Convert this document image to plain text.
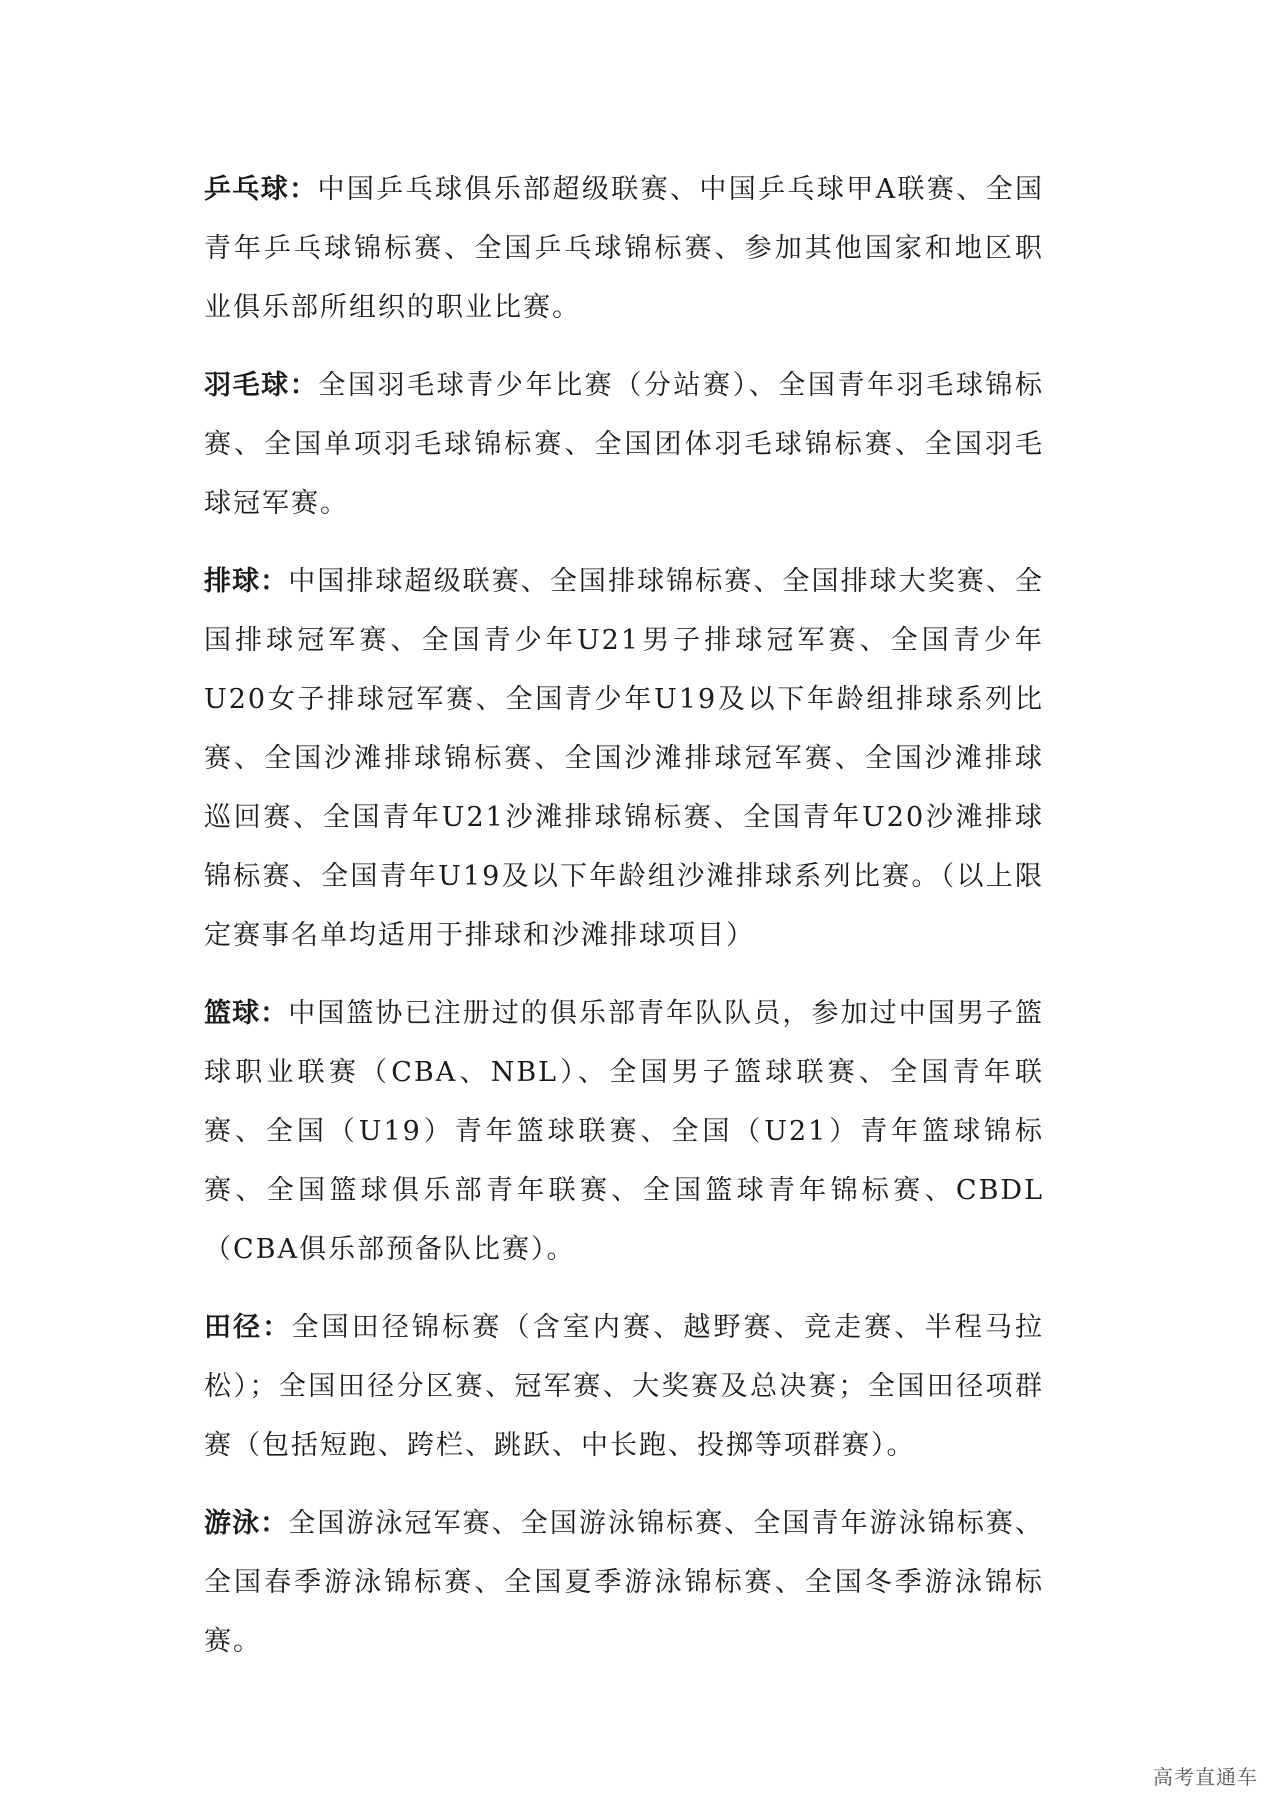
乒乓球：中国乒乓球俱乐部超级联赛、中国乒乓球甲A联赛、全国青年乒乓球锦标赛、全国乒乓球锦标赛、参加其他国家和地区职业俱乐部所组织的职业比赛。

羽毛球：全国羽毛球青少年比赛（分站赛）、全国青年羽毛球锦标赛、全国单项羽毛球锦标赛、全国团体羽毛球锦标赛、全国羽毛球冠军赛。

排球：中国排球超级联赛、全国排球锦标赛、全国排球大奖赛、全国排球冠军赛、全国青少年U21男子排球冠军赛、全国青少年U20女子排球冠军赛、全国青少年U19及以下年龄组排球系列比赛、全国沙滩排球锦标赛、全国沙滩排球冠军赛、全国沙滩排球巡回赛、全国青年U21沙滩排球锦标赛、全国青年U20沙滩排球锦标赛、全国青年U19及以下年龄组沙滩排球系列比赛。（以上限定赛事名单均适用于排球和沙滩排球项目）

篮球：中国篮协已注册过的俱乐部青年队队员，参加过中国男子篮球职业联赛（CBA、NBL）、全国男子篮球联赛、全国青年联赛、全国（U19）青年篮球联赛、全国（U21）青年篮球锦标赛、全国篮球俱乐部青年联赛、全国篮球青年锦标赛、CBDL（CBA俱乐部预备队比赛）。

田径：全国田径锦标赛（含室内赛、越野赛、竞走赛、半程马拉松）；全国田径分区赛、冠军赛、大奖赛及总决赛；全国田径项群赛（包括短跑、跨栏、跳跃、中长跑、投掷等项群赛）。

游泳：全国游泳冠军赛、全国游泳锦标赛、全国青年游泳锦标赛、全国春季游泳锦标赛、全国夏季游泳锦标赛、全国冬季游泳锦标赛。

高考直通车
